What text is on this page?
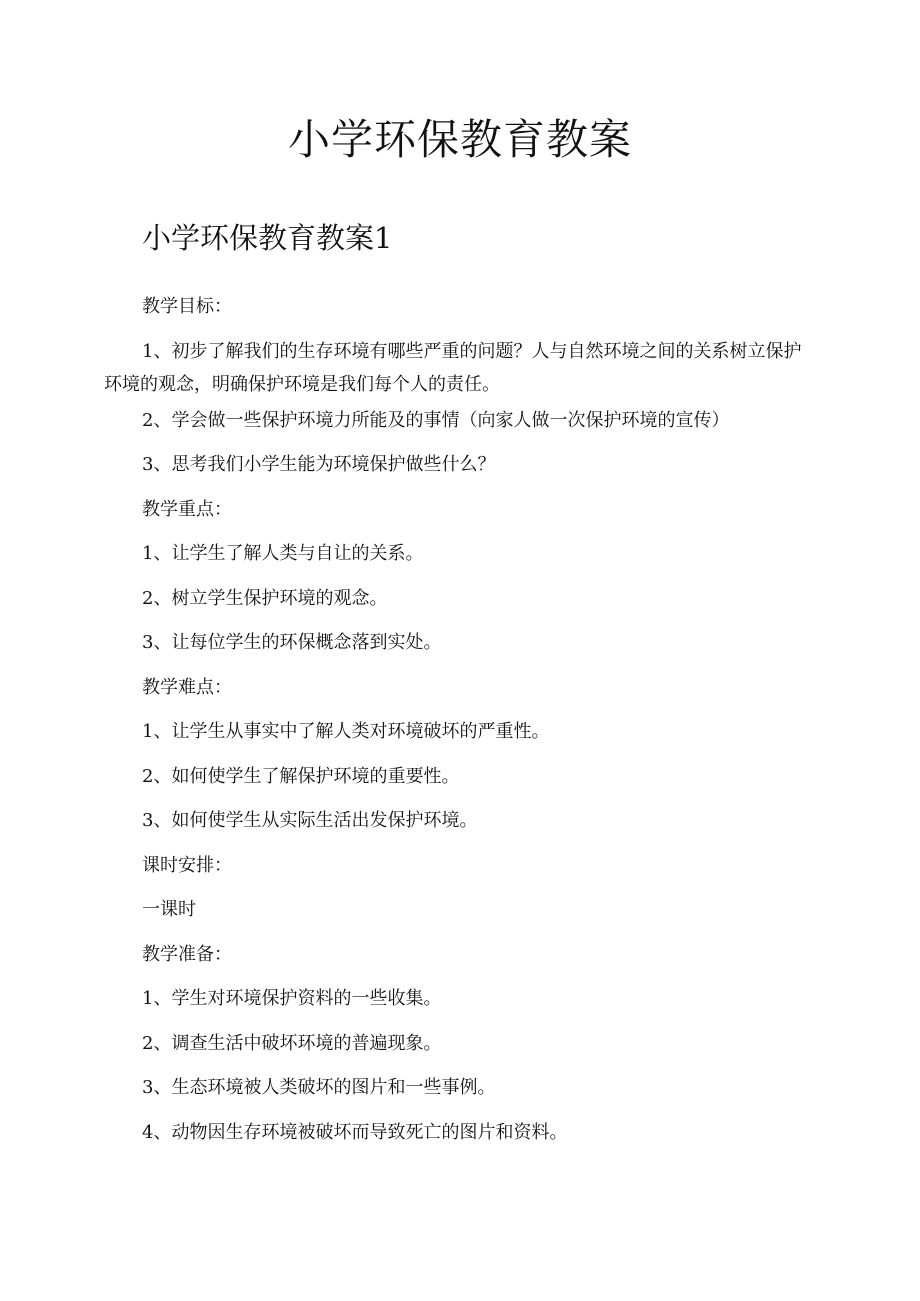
小学环保教育教案
小学环保教育教案1

教学目标：

1、初步了解我们的生存环境有哪些严重的问题？人与自然环境之间的关系树立保护环境的观念，明确保护环境是我们每个人的责任。

2、学会做一些保护环境力所能及的事情（向家人做一次保护环境的宣传）

3、思考我们小学生能为环境保护做些什么？

教学重点：

1、让学生了解人类与自让的关系。

2、树立学生保护环境的观念。

3、让每位学生的环保概念落到实处。

教学难点：

1、让学生从事实中了解人类对环境破坏的严重性。

2、如何使学生了解保护环境的重要性。

3、如何使学生从实际生活出发保护环境。

课时安排：

一课时

教学准备：

1、学生对环境保护资料的一些收集。

2、调查生活中破坏环境的普遍现象。

3、生态环境被人类破坏的图片和一些事例。

4、动物因生存环境被破坏而导致死亡的图片和资料。
